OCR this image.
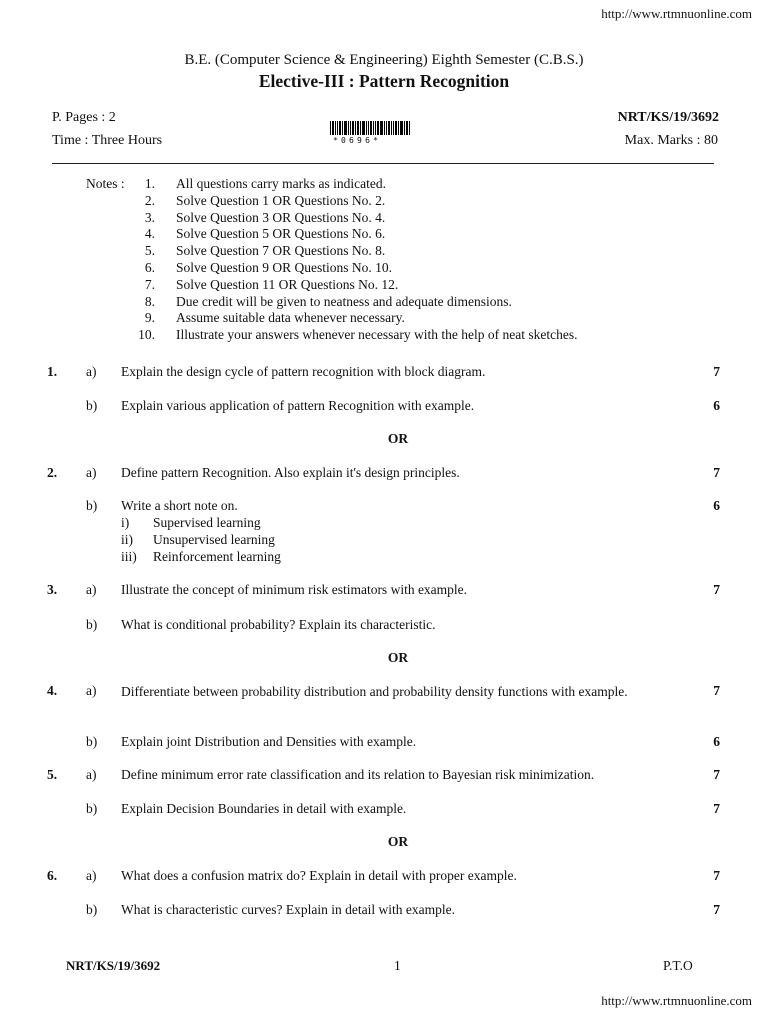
http://www.rtmnuonline.com
B.E. (Computer Science & Engineering) Eighth Semester (C.B.S.)
Elective-III : Pattern Recognition
P. Pages : 2
Time : Three Hours
NRT/KS/19/3692
Max. Marks : 80
*0696*
Notes :	1. All questions carry marks as indicated.
2. Solve Question 1 OR Questions No. 2.
3. Solve Question 3 OR Questions No. 4.
4. Solve Question 5 OR Questions No. 6.
5. Solve Question 7 OR Questions No. 8.
6. Solve Question 9 OR Questions No. 10.
7. Solve Question 11 OR Questions No. 12.
8. Due credit will be given to neatness and adequate dimensions.
9. Assume suitable data whenever necessary.
10. Illustrate your answers whenever necessary with the help of neat sketches.
1. a) Explain the design cycle of pattern recognition with block diagram.	7
b) Explain various application of pattern Recognition with example.	6
OR
2. a) Define pattern Recognition. Also explain it's design principles.	7
b) Write a short note on.	6
i) Supervised learning
ii) Unsupervised learning
iii) Reinforcement learning
3. a) Illustrate the concept of minimum risk estimators with example.	7
b) What is conditional probability? Explain its characteristic.
OR
4. a) Differentiate between probability distribution and probability density functions with example.	7
b) Explain joint Distribution and Densities with example.	6
5. a) Define minimum error rate classification and its relation to Bayesian risk minimization.	7
b) Explain Decision Boundaries in detail with example.	7
OR
6. a) What does a confusion matrix do? Explain in detail with proper example.	7
b) What is characteristic curves? Explain in detail with example.	7
NRT/KS/19/3692	1	P.T.O
http://www.rtmnuonline.com
